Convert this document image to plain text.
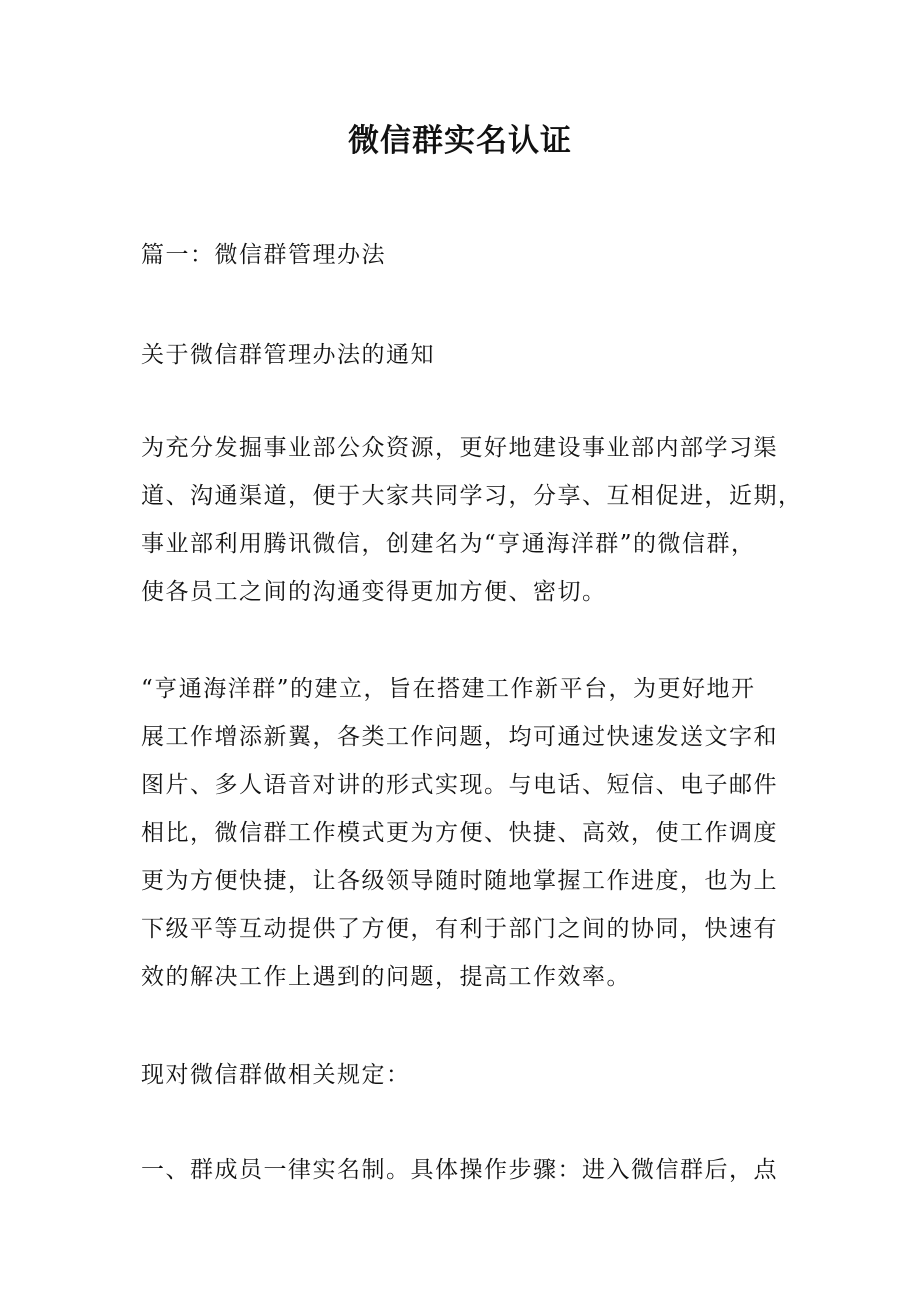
微信群实名认证
篇一：微信群管理办法
关于微信群管理办法的通知
为充分发掘事业部公众资源，更好地建设事业部内部学习渠
道、沟通渠道，便于大家共同学习，分享、互相促进，近期，
事业部利用腾讯微信，创建名为“亨通海洋群”的微信群，
使各员工之间的沟通变得更加方便、密切。
“亨通海洋群”的建立，旨在搭建工作新平台，为更好地开
展工作增添新翼，各类工作问题，均可通过快速发送文字和
图片、多人语音对讲的形式实现。与电话、短信、电子邮件
相比，微信群工作模式更为方便、快捷、高效，使工作调度
更为方便快捷，让各级领导随时随地掌握工作进度，也为上
下级平等互动提供了方便，有利于部门之间的协同，快速有
效的解决工作上遇到的问题，提高工作效率。
现对微信群做相关规定：
一、群成员一律实名制。具体操作步骤：进入微信群后，点
